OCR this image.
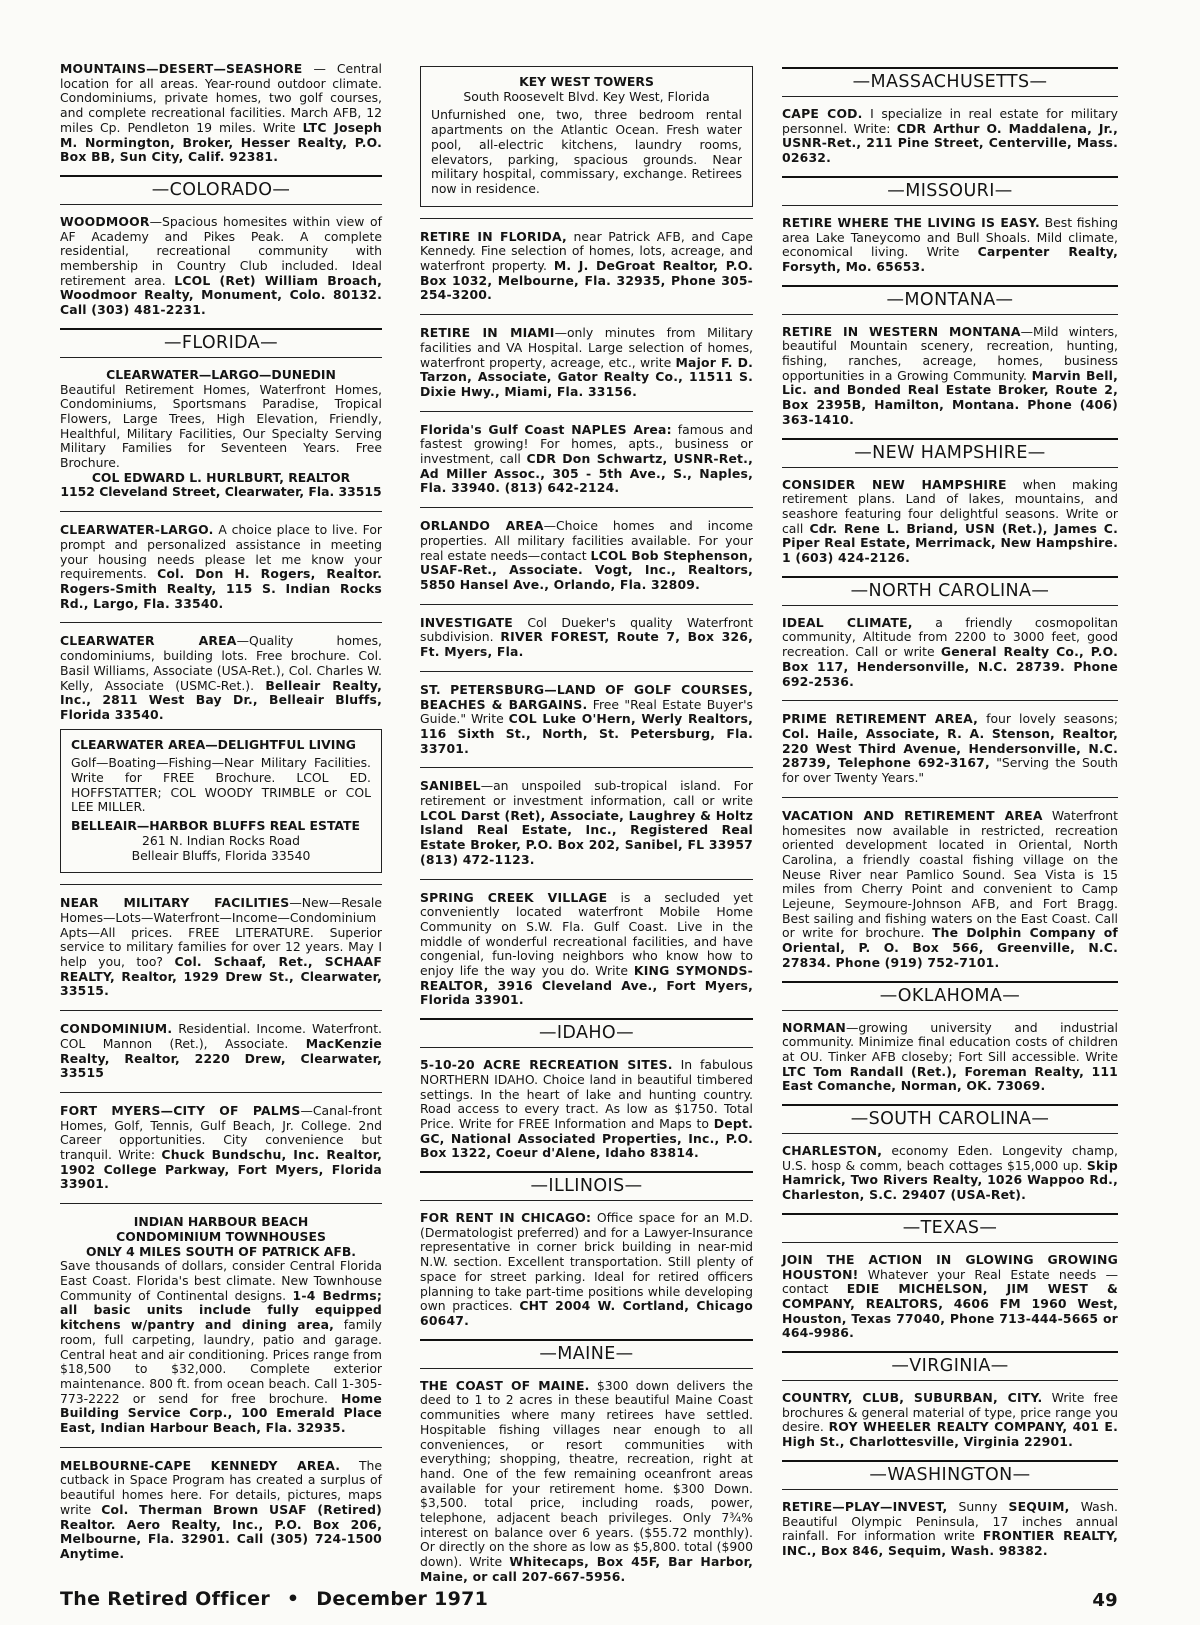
MOUNTAINS—DESERT—SEASHORE — Central location for all areas. Year-round outdoor climate. Condominiums, private homes, two golf courses, and complete recreational facilities. March AFB, 12 miles Cp. Pendleton 19 miles. Write LTC Joseph M. Normington, Broker, Hesser Realty, P.O. Box BB, Sun City, Calif. 92381.

—COLORADO—

WOODMOOR—Spacious homesites within view of AF Academy and Pikes Peak. A complete residential, recreational community with membership in Country Club included. Ideal retirement area. LCOL (Ret) William Broach, Woodmoor Realty, Monument, Colo. 80132. Call (303) 481-2231.

—FLORIDA—

CLEARWATER—LARGO—DUNEDIN

Beautiful Retirement Homes, Waterfront Homes, Condominiums, Sportsmans Paradise, Tropical Flowers, Large Trees, High Elevation, Friendly, Healthful, Military Facilities, Our Specialty Serving Military Families for Seventeen Years. Free Brochure.

COL EDWARD L. HURLBURT, REALTOR

1152 Cleveland Street, Clearwater, Fla. 33515

CLEARWATER-LARGO. A choice place to live. For prompt and personalized assistance in meeting your housing needs please let me know your requirements. Col. Don H. Rogers, Realtor. Rogers-Smith Realty, 115 S. Indian Rocks Rd., Largo, Fla. 33540.

CLEARWATER AREA—Quality homes, condominiums, building lots. Free brochure. Col. Basil Williams, Associate (USA-Ret.), Col. Charles W. Kelly, Associate (USMC-Ret.). Belleair Realty, Inc., 2811 West Bay Dr., Belleair Bluffs, Florida 33540.

CLEARWATER AREA—DELIGHTFUL LIVING

Golf—Boating—Fishing—Near Military Facilities. Write for FREE Brochure. LCOL ED. HOFFSTATTER; COL WOODY TRIMBLE or COL LEE MILLER.

BELLEAIR—HARBOR BLUFFS REAL ESTATE

261 N. Indian Rocks Road

Belleair Bluffs, Florida 33540

NEAR MILITARY FACILITIES—New—Resale Homes—Lots—Waterfront—Income—Condominium Apts—All prices. FREE LITERATURE. Superior service to military families for over 12 years. May I help you, too? Col. Schaaf, Ret., SCHAAF REALTY, Realtor, 1929 Drew St., Clearwater, 33515.

CONDOMINIUM. Residential. Income. Waterfront. COL Mannon (Ret.), Associate. MacKenzie Realty, Realtor, 2220 Drew, Clearwater, 33515

FORT MYERS—CITY OF PALMS—Canal-front Homes, Golf, Tennis, Gulf Beach, Jr. College. 2nd Career opportunities. City convenience but tranquil. Write: Chuck Bundschu, Inc. Realtor, 1902 College Parkway, Fort Myers, Florida 33901.

INDIAN HARBOUR BEACH

CONDOMINIUM TOWNHOUSES

ONLY 4 MILES SOUTH OF PATRICK AFB.

Save thousands of dollars, consider Central Florida East Coast. Florida's best climate. New Townhouse Community of Continental designs. 1-4 Bedrms; all basic units include fully equipped kitchens w/pantry and dining area, family room, full carpeting, laundry, patio and garage. Central heat and air conditioning. Prices range from $18,500 to $32,000. Complete exterior maintenance. 800 ft. from ocean beach. Call 1-305-773-2222 or send for free brochure. Home Building Service Corp., 100 Emerald Place East, Indian Harbour Beach, Fla. 32935.

MELBOURNE-CAPE KENNEDY AREA. The cutback in Space Program has created a surplus of beautiful homes here. For details, pictures, maps write Col. Therman Brown USAF (Retired) Realtor. Aero Realty, Inc., P.O. Box 206, Melbourne, Fla. 32901. Call (305) 724-1500 Anytime.

KEY WEST TOWERS

South Roosevelt Blvd. Key West, Florida

Unfurnished one, two, three bedroom rental apartments on the Atlantic Ocean. Fresh water pool, all-electric kitchens, laundry rooms, elevators, parking, spacious grounds. Near military hospital, commissary, exchange. Retirees now in residence.

RETIRE IN FLORIDA, near Patrick AFB, and Cape Kennedy. Fine selection of homes, lots, acreage, and waterfront property. M. J. DeGroat Realtor, P.O. Box 1032, Melbourne, Fla. 32935, Phone 305-254-3200.

RETIRE IN MIAMI—only minutes from Military facilities and VA Hospital. Large selection of homes, waterfront property, acreage, etc., write Major F. D. Tarzon, Associate, Gator Realty Co., 11511 S. Dixie Hwy., Miami, Fla. 33156.

Florida's Gulf Coast NAPLES Area: famous and fastest growing! For homes, apts., business or investment, call CDR Don Schwartz, USNR-Ret., Ad Miller Assoc., 305 - 5th Ave., S., Naples, Fla. 33940. (813) 642-2124.

ORLANDO AREA—Choice homes and income properties. All military facilities available. For your real estate needs—contact LCOL Bob Stephenson, USAF-Ret., Associate. Vogt, Inc., Realtors, 5850 Hansel Ave., Orlando, Fla. 32809.

INVESTIGATE Col Dueker's quality Waterfront subdivision. RIVER FOREST, Route 7, Box 326, Ft. Myers, Fla.

ST. PETERSBURG—LAND OF GOLF COURSES, BEACHES & BARGAINS. Free "Real Estate Buyer's Guide." Write COL Luke O'Hern, Werly Realtors, 116 Sixth St., North, St. Petersburg, Fla. 33701.

SANIBEL—an unspoiled sub-tropical island. For retirement or investment information, call or write LCOL Darst (Ret), Associate, Laughrey & Holtz Island Real Estate, Inc., Registered Real Estate Broker, P.O. Box 202, Sanibel, FL 33957 (813) 472-1123.

SPRING CREEK VILLAGE is a secluded yet conveniently located waterfront Mobile Home Community on S.W. Fla. Gulf Coast. Live in the middle of wonderful recreational facilities, and have congenial, fun-loving neighbors who know how to enjoy life the way you do. Write KING SYMONDS-REALTOR, 3916 Cleveland Ave., Fort Myers, Florida 33901.

—IDAHO—

5-10-20 ACRE RECREATION SITES. In fabulous NORTHERN IDAHO. Choice land in beautiful timbered settings. In the heart of lake and hunting country. Road access to every tract. As low as $1750. Total Price. Write for FREE Information and Maps to Dept. GC, National Associated Properties, Inc., P.O. Box 1322, Coeur d'Alene, Idaho 83814.

—ILLINOIS—

FOR RENT IN CHICAGO: Office space for an M.D. (Dermatologist preferred) and for a Lawyer-Insurance representative in corner brick building in near-mid N.W. section. Excellent transportation. Still plenty of space for street parking. Ideal for retired officers planning to take part-time positions while developing own practices. CHT 2004 W. Cortland, Chicago 60647.

—MAINE—

THE COAST OF MAINE. $300 down delivers the deed to 1 to 2 acres in these beautiful Maine Coast communities where many retirees have settled. Hospitable fishing villages near enough to all conveniences, or resort communities with everything; shopping, theatre, recreation, right at hand. One of the few remaining oceanfront areas available for your retirement home. $300 Down. $3,500. total price, including roads, power, telephone, adjacent beach privileges. Only 7¾% interest on balance over 6 years. ($55.72 monthly). Or directly on the shore as low as $5,800. total ($900 down). Write Whitecaps, Box 45F, Bar Harbor, Maine, or call 207-667-5956.

—MASSACHUSETTS—

CAPE COD. I specialize in real estate for military personnel. Write: CDR Arthur O. Maddalena, Jr., USNR-Ret., 211 Pine Street, Centerville, Mass. 02632.

—MISSOURI—

RETIRE WHERE THE LIVING IS EASY. Best fishing area Lake Taneycomo and Bull Shoals. Mild climate, economical living. Write Carpenter Realty, Forsyth, Mo. 65653.

—MONTANA—

RETIRE IN WESTERN MONTANA—Mild winters, beautiful Mountain scenery, recreation, hunting, fishing, ranches, acreage, homes, business opportunities in a Growing Community. Marvin Bell, Lic. and Bonded Real Estate Broker, Route 2, Box 2395B, Hamilton, Montana. Phone (406) 363-1410.

—NEW HAMPSHIRE—

CONSIDER NEW HAMPSHIRE when making retirement plans. Land of lakes, mountains, and seashore featuring four delightful seasons. Write or call Cdr. Rene L. Briand, USN (Ret.), James C. Piper Real Estate, Merrimack, New Hampshire. 1 (603) 424-2126.

—NORTH CAROLINA—

IDEAL CLIMATE, a friendly cosmopolitan community, Altitude from 2200 to 3000 feet, good recreation. Call or write General Realty Co., P.O. Box 117, Hendersonville, N.C. 28739. Phone 692-2536.

PRIME RETIREMENT AREA, four lovely seasons; Col. Haile, Associate, R. A. Stenson, Realtor, 220 West Third Avenue, Hendersonville, N.C. 28739, Telephone 692-3167, "Serving the South for over Twenty Years."

VACATION AND RETIREMENT AREA Waterfront homesites now available in restricted, recreation oriented development located in Oriental, North Carolina, a friendly coastal fishing village on the Neuse River near Pamlico Sound. Sea Vista is 15 miles from Cherry Point and convenient to Camp Lejeune, Seymoure-Johnson AFB, and Fort Bragg. Best sailing and fishing waters on the East Coast. Call or write for brochure. The Dolphin Company of Oriental, P. O. Box 566, Greenville, N.C. 27834. Phone (919) 752-7101.

—OKLAHOMA—

NORMAN—growing university and industrial community. Minimize final education costs of children at OU. Tinker AFB closeby; Fort Sill accessible. Write LTC Tom Randall (Ret.), Foreman Realty, 111 East Comanche, Norman, OK. 73069.

—SOUTH CAROLINA—

CHARLESTON, economy Eden. Longevity champ, U.S. hosp & comm, beach cottages $15,000 up. Skip Hamrick, Two Rivers Realty, 1026 Wappoo Rd., Charleston, S.C. 29407 (USA-Ret).

—TEXAS—

JOIN THE ACTION IN GLOWING GROWING HOUSTON! Whatever your Real Estate needs —contact EDIE MICHELSON, JIM WEST & COMPANY, REALTORS, 4606 FM 1960 West, Houston, Texas 77040, Phone 713-444-5665 or 464-9986.

—VIRGINIA—

COUNTRY, CLUB, SUBURBAN, CITY. Write free brochures & general material of type, price range you desire. ROY WHEELER REALTY COMPANY, 401 E. High St., Charlottesville, Virginia 22901.

—WASHINGTON—

RETIRE—PLAY—INVEST, Sunny SEQUIM, Wash. Beautiful Olympic Peninsula, 17 inches annual rainfall. For information write FRONTIER REALTY, INC., Box 846, Sequim, Wash. 98382.

The Retired Officer • December 1971	49
